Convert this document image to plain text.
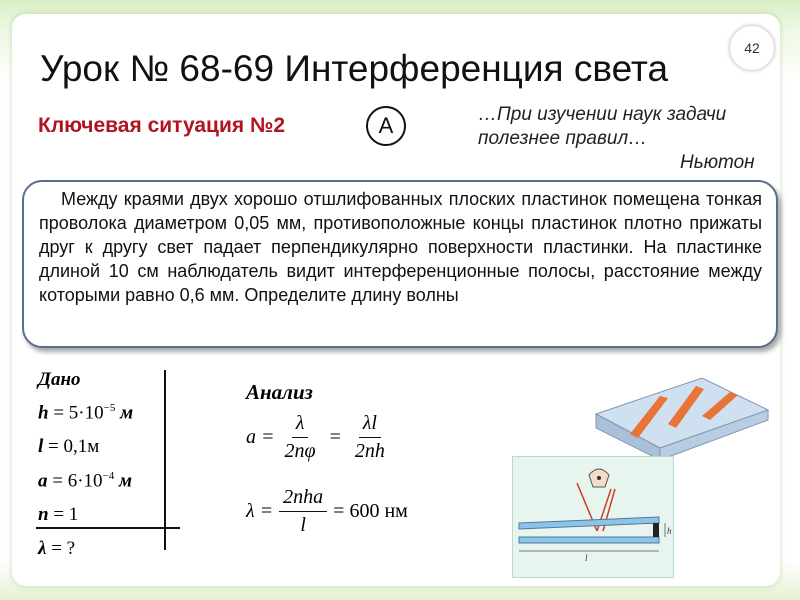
42
Урок № 68-69 Интерференция света
Ключевая ситуация №2	А	…При изучении наук задачи
полезнее правил…
Ньютон
Между краями двух хорошо отшлифованных плоских пластинок помещена тонкая проволока диаметром 0,05 мм, противоположные концы пластинок плотно прижаты друг к другу свет падает перпендикулярно поверхности пластинки. На пластинке длиной 10 см наблюдатель видит интерференционные полосы, расстояние между которыми равно 0,6 мм. Определите длину волны
Дано
$h = 5\cdot 10^{-5}$ м
l = 0,1м
$a = 6\cdot 10^{-4}$ м
n = 1
λ = ?
Анализ
$a = \frac{\lambda}{2n\varphi} = \frac{\lambda l}{2nh}$
$\lambda = \frac{\text{2nha}}{l} = 600$ нм
h
l
